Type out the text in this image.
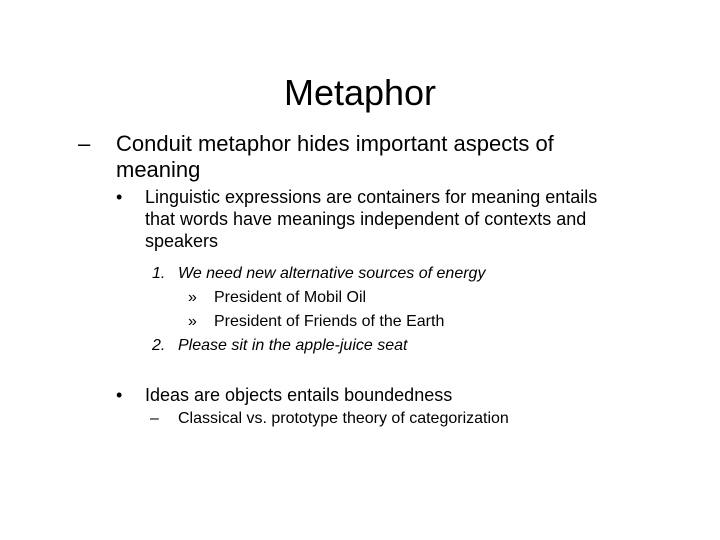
Metaphor
– Conduit metaphor hides important aspects of
meaning
• Linguistic expressions are containers for meaning entails
that words have meanings independent of contexts and
speakers
1. We need new alternative sources of energy
» President of Mobil Oil
» President of Friends of the Earth
2. Please sit in the apple-juice seat
• Ideas are objects entails boundedness
– Classical vs. prototype theory of categorization
